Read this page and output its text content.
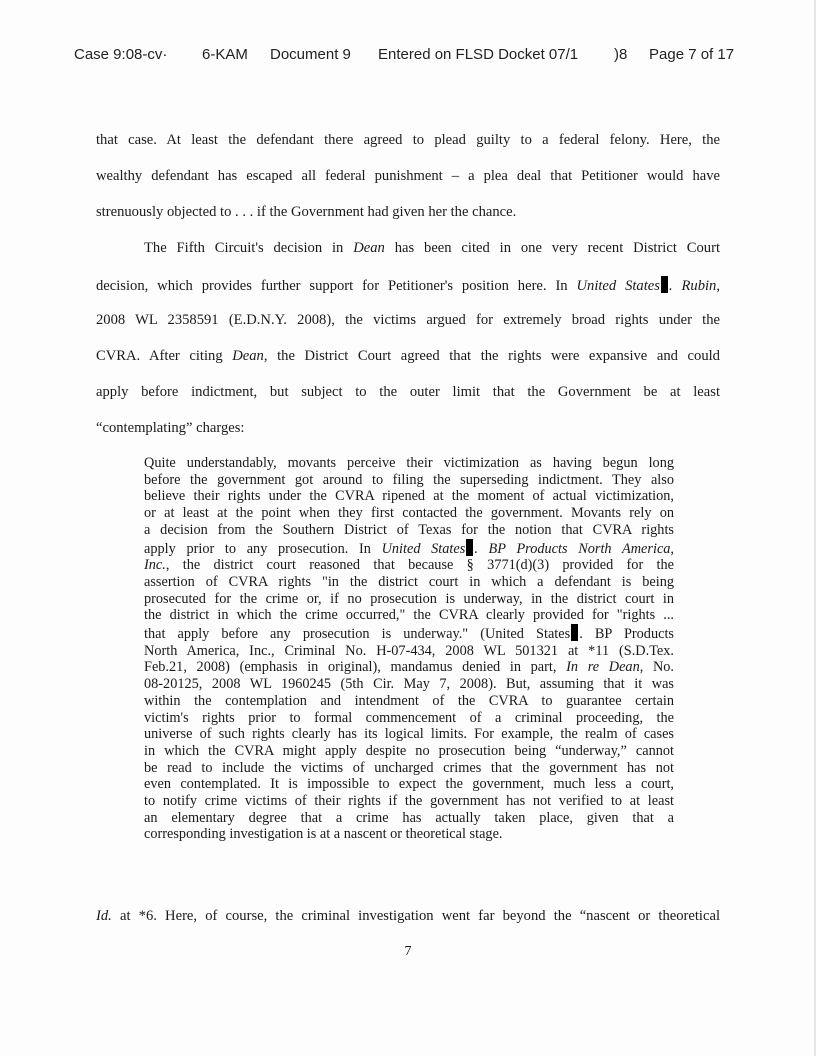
Case 9:08-cv· 6-KAM Document 9 Entered on FLSD Docket 07/1 )8 Page 7 of 17
that case. At least the defendant there agreed to plead guilty to a federal felony. Here, the
wealthy defendant has escaped all federal punishment – a plea deal that Petitioner would have
strenuously objected to . . . if the Government had given her the chance.
The Fifth Circuit's decision in Dean has been cited in one very recent District Court
decision, which provides further support for Petitioner's position here. In United States . Rubin,
2008 WL 2358591 (E.D.N.Y. 2008), the victims argued for extremely broad rights under the
CVRA. After citing Dean, the District Court agreed that the rights were expansive and could
apply before indictment, but subject to the outer limit that the Government be at least
“contemplating” charges:
Quite understandably, movants perceive their victimization as having begun long
before the government got around to filing the superseding indictment. They also
believe their rights under the CVRA ripened at the moment of actual victimization,
or at least at the point when they first contacted the government. Movants rely on
a decision from the Southern District of Texas for the notion that CVRA rights
apply prior to any prosecution. In United States . BP Products North America,
Inc., the district court reasoned that because § 3771(d)(3) provided for the
assertion of CVRA rights "in the district court in which a defendant is being
prosecuted for the crime or, if no prosecution is underway, in the district court in
the district in which the crime occurred," the CVRA clearly provided for "rights ...
that apply before any prosecution is underway." (United States . BP Products
North America, Inc., Criminal No. H-07-434, 2008 WL 501321 at *11 (S.D.Tex.
Feb.21, 2008) (emphasis in original), mandamus denied in part, In re Dean, No.
08-20125, 2008 WL 1960245 (5th Cir. May 7, 2008). But, assuming that it was
within the contemplation and intendment of the CVRA to guarantee certain
victim's rights prior to formal commencement of a criminal proceeding, the
universe of such rights clearly has its logical limits. For example, the realm of cases
in which the CVRA might apply despite no prosecution being “underway,” cannot
be read to include the victims of uncharged crimes that the government has not
even contemplated. It is impossible to expect the government, much less a court,
to notify crime victims of their rights if the government has not verified to at least
an elementary degree that a crime has actually taken place, given that a
corresponding investigation is at a nascent or theoretical stage.
Id. at *6. Here, of course, the criminal investigation went far beyond the “nascent or theoretical
7
